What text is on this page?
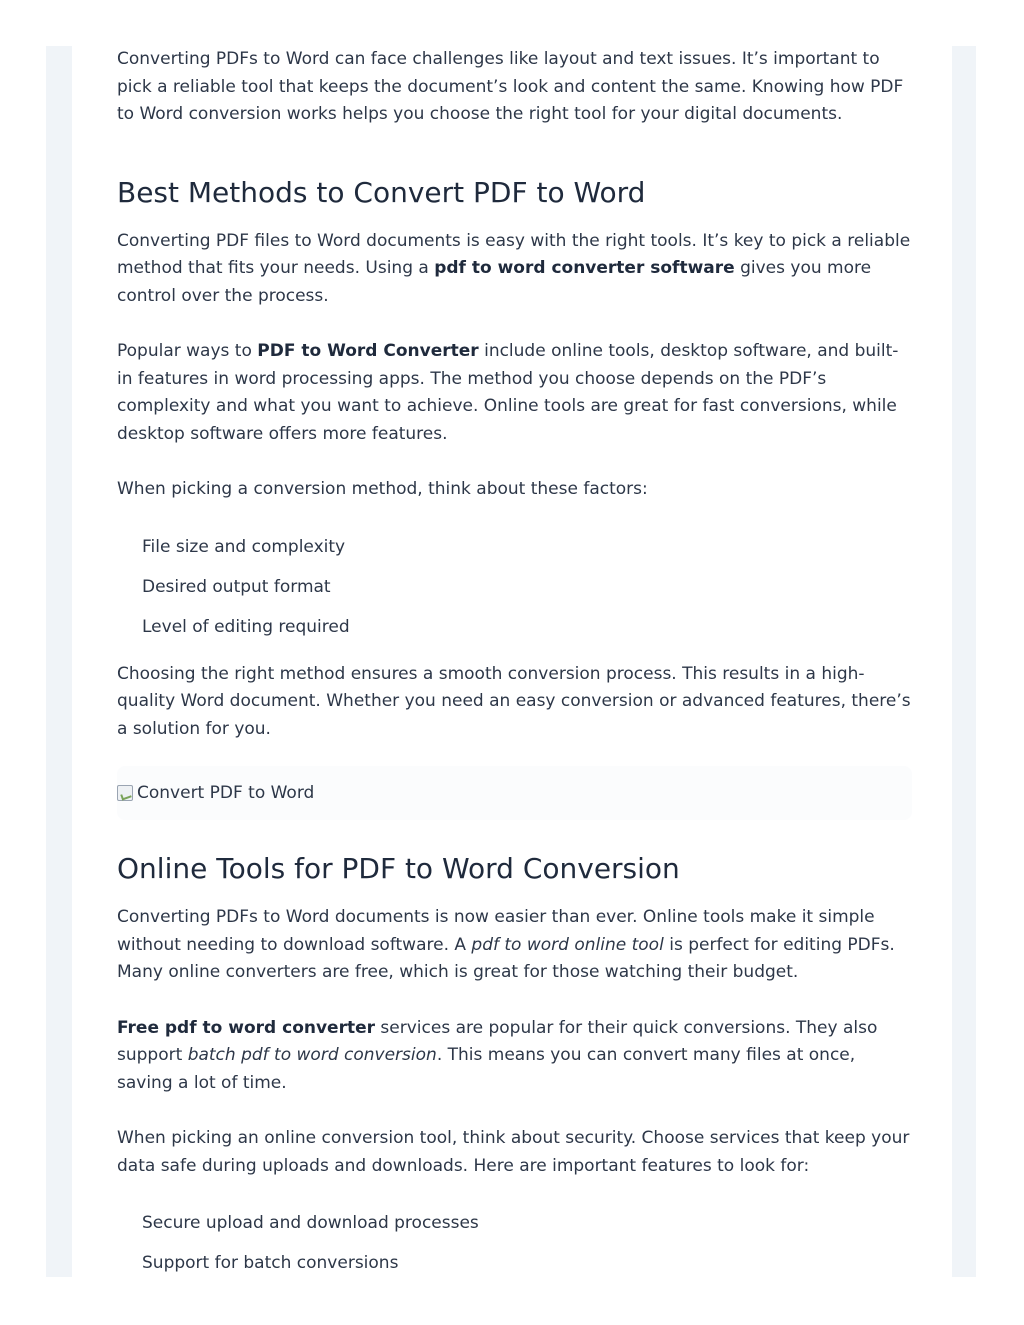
Converting PDFs to Word can face challenges like layout and text issues. It’s important to pick a reliable tool that keeps the document’s look and content the same. Knowing how PDF to Word conversion works helps you choose the right tool for your digital documents.

Best Methods to Convert PDF to Word

Converting PDF files to Word documents is easy with the right tools. It’s key to pick a reliable method that fits your needs. Using a pdf to word converter software gives you more control over the process.

Popular ways to PDF to Word Converter include online tools, desktop software, and built-in features in word processing apps. The method you choose depends on the PDF’s complexity and what you want to achieve. Online tools are great for fast conversions, while desktop software offers more features.

When picking a conversion method, think about these factors:

File size and complexity
Desired output format
Level of editing required

Choosing the right method ensures a smooth conversion process. This results in a high-quality Word document. Whether you need an easy conversion or advanced features, there’s a solution for you.

Convert PDF to Word
Online Tools for PDF to Word Conversion

Converting PDFs to Word documents is now easier than ever. Online tools make it simple without needing to download software. A pdf to word online tool is perfect for editing PDFs. Many online converters are free, which is great for those watching their budget.

Free pdf to word converter services are popular for their quick conversions. They also support batch pdf to word conversion. This means you can convert many files at once, saving a lot of time.

When picking an online conversion tool, think about security. Choose services that keep your data safe during uploads and downloads. Here are important features to look for:

Secure upload and download processes
Support for batch conversions
